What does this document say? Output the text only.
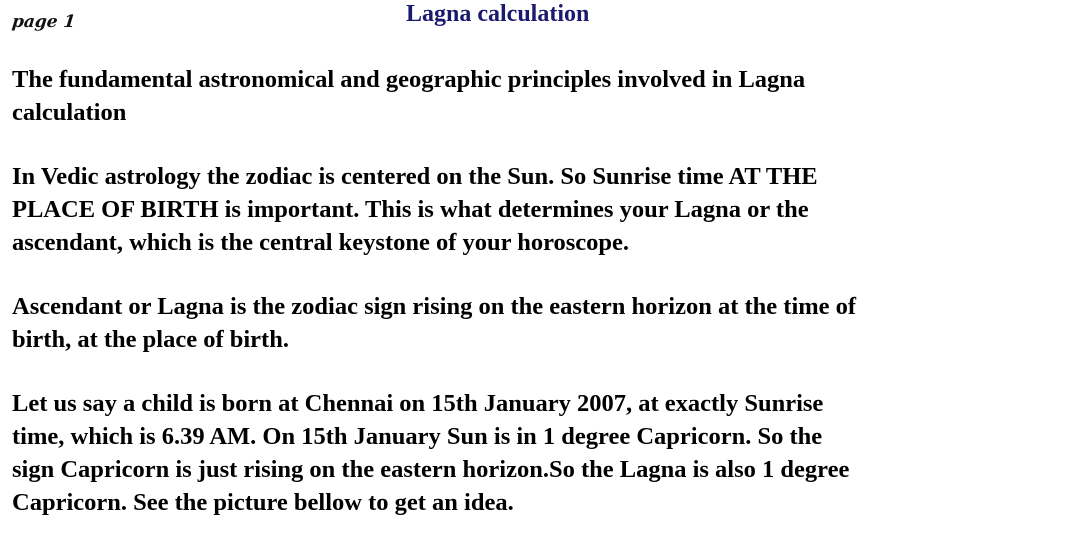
page 1	Lagna calculation
The fundamental astronomical and geographic principles involved in Lagna
calculation
In Vedic astrology the zodiac is centered on the Sun. So Sunrise time AT THE
PLACE OF BIRTH is important. This is what determines your Lagna or the
ascendant, which is the central keystone of your horoscope.
Ascendant or Lagna is the zodiac sign rising on the eastern horizon at the time of
birth, at the place of birth.
Let us say a child is born at Chennai on 15th January 2007, at exactly Sunrise
time, which is 6.39 AM. On 15th January Sun is in 1 degree Capricorn. So the
sign Capricorn is just rising on the eastern horizon.So the Lagna is also 1 degree
Capricorn. See the picture bellow to get an idea.
